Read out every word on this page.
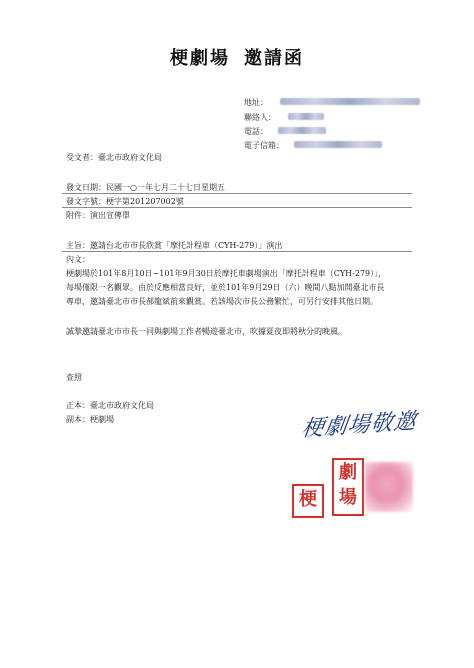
梗劇場 邀請函
地址：
聯絡人：
電話：
電子信箱：
受文者：臺北市政府文化局
發文日期：民國一○一年七月二十七日星期五
發文字號：梗字第201207002號
附件：演出宣傳單
主旨：邀請台北市市長欣賞「摩托計程車（CYH-279）」演出
內文：
梗劇場於101年8月10日~101年9月30日於摩托車劇場演出「摩托計程車（CYH-279）」，
每場僅限一名觀眾。由於反應相當良好，並於101年9月29日（六）晚間八點加開臺北市長
專車，邀請臺北市市長郝龍斌前來觀賞。若該場次市長公務繁忙，可另行安排其他日期。
誠摯邀請臺北市市長一同與劇場工作者暢遊臺北市，吹據夏夜即將秋分的晚風。
查照
正本：臺北市政府文化局
副本：梗劇場	梗劇場敬邀
劇
場
梗
